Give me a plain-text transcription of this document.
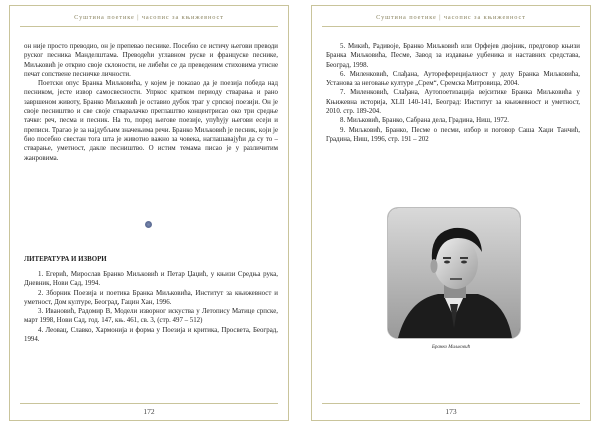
Суштина поетике | часопис за књижевност

он није просто преводио, он је препевао песнике. Посебно се истичу његови преводи руског песника Манделштама. Преводећи углавном руске и француске песнике, Миљковић је открио своје склоности, не либећи се да преведеним стиховима утисне печат сопствене песничке личности.

Поетски опус Бранка Миљковића, у којем је показао да је поезија победа над песником, јесте извор самосвесности. Упркос кратком периоду стварања и рано завршеном животу, Бранко Миљковић је оставио дубок траг у српској поезији. Он је своје песништво и све своје стваралачко преглаштво концентрисао око три средње тачке: реч, песма и песник. На то, поред његове поезије, упућују његови есеји и преписи. Трагао је за најдубљим значењима речи. Бранко Миљковић је песник, кoји је био посебно свестан тога шта је животно важно за човека, наглашавајући да су то – стварање, уметност, дакле песништво. О истим темама писао је у различитим жанровима.

ЛИТЕРАТУРА И ИЗВОРИ

1. Егерић, Мирослав Бранко Миљковић и Петар Џаџић, у књизи Средња рука, Дневник, Нови Сад, 1994.

2. Зборник Поезија и поетика Бранка Миљковића, Институт за књижевност и уметност, Дом културе, Београд, Гацин Хан, 1996.

3. Ивановић, Радомир В, Модели изворног искуства у Летопису Матице српске, март 1998, Нови Сад, год. 147, књ. 461, св. 3, (стр. 497 – 512)

4. Леовац, Славко, Хармонија и форма у Поезија и критика, Просвета, Београд, 1994.

172
Суштина поетике | часопис за књижевност

5. Микић, Радивоје, Бранко Миљковић или Орфејев двојник, предговор књизи Бранка Миљковића, Песме, Завод за издавање уџбеника и наставних средстава, Београд, 1998.

6. Миленковић, Слађана, Аутореферецијалност у делу Бранка Миљковића, Установа за неговање културе „Срем“, Сремска Митровица, 2004.

7. Миленковић, Слађана, Аутопоетизација вејситике Бранка Миљковића у Књижевна историја, XLII 140-141, Београд: Институт за књижевност и уметност, 2010. стр. 189-204.

8. Миљковић, Бранко, Сабрана дела, Градина, Ниш, 1972.

9. Миљковић, Бранко, Песме о песми, избор и поговор Саша Хаџи Танчић, Градина, Ниш, 1996, стр. 191 – 202

Бранко Миљковић
173
